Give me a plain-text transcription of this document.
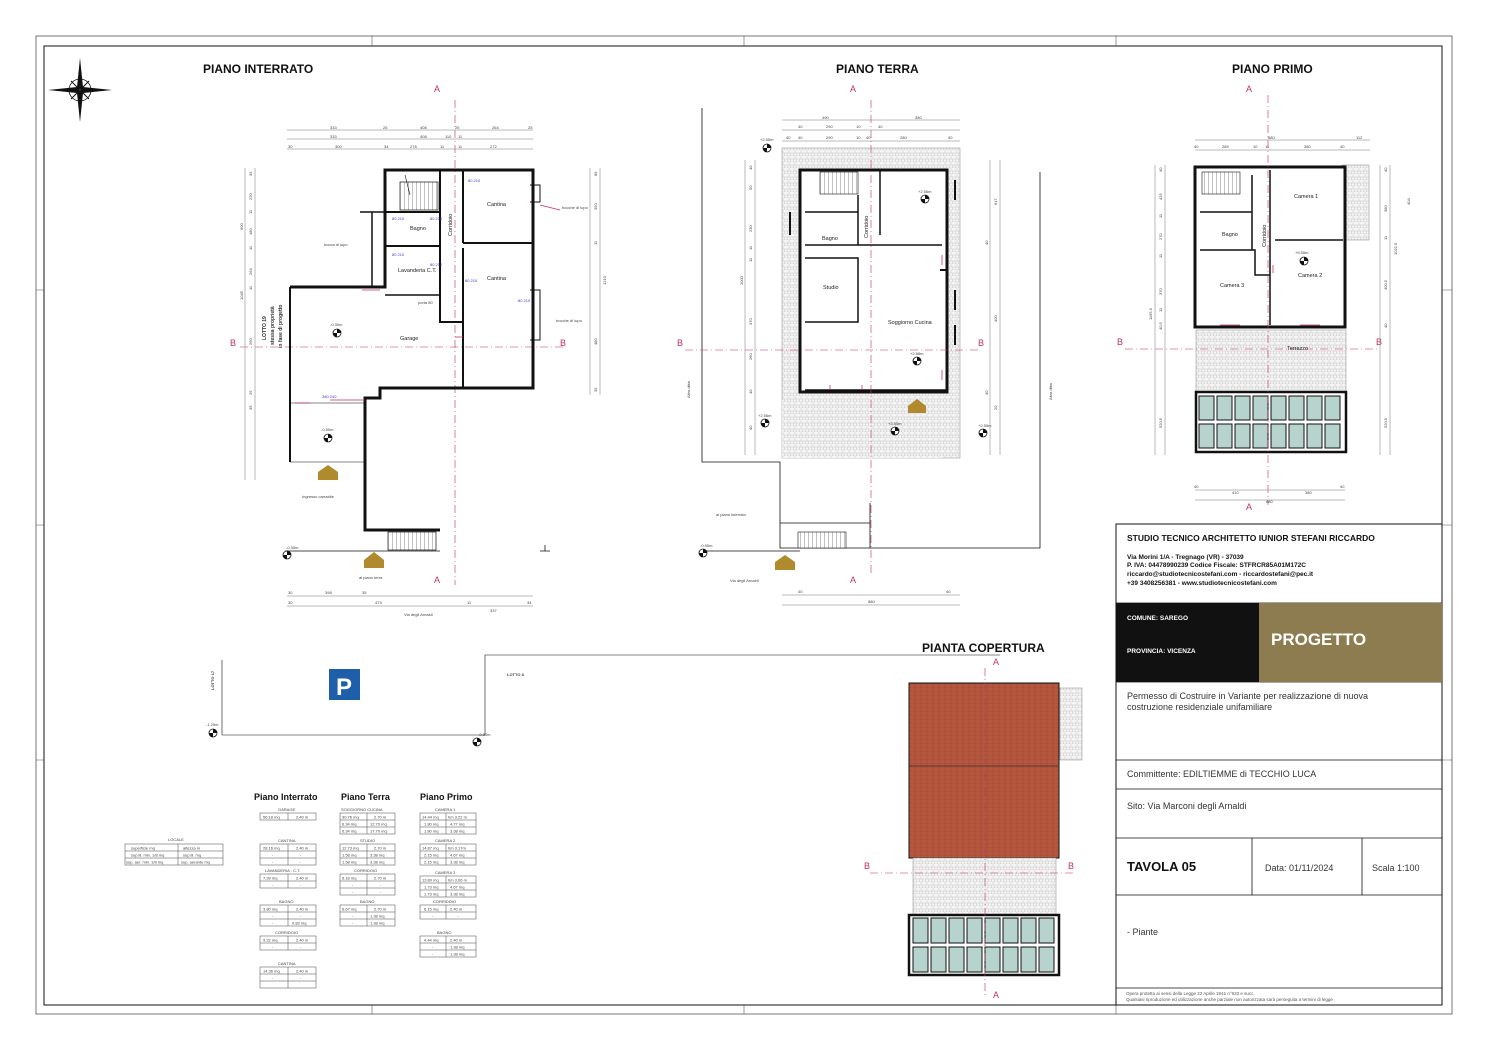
PIANO INTERRATO	PIANO TERRA	PIANO PRIMO
PIANTA COPERTURA
A
A
B	B
Cantina
Cantina
Bagno
Lavanderia C.T.
Garage
Corridoio
porta 80
bocche di lupo
bocca di lupo
bocche di lupo
LOTTO 19 stessa proprietà in fase di progetto
Ingresso carrabile
al piano terra
Via degli Arnaldi
-0.30m
-0.50m
-0.30m
333	25	408	25	264	25
333	408	110 11
30	300	34	278	11	11	272
30	398	35
473	11	34
30
337
35
220
11
180
11
264
11
600
25
1045
260
35
85
350
11
1210
480
35
80 210
80 210	80 210
80 210
80 210
380 240
80 210
80 210
A
A
B	B
Bagno
Studio
Soggiorno Cucina
Corridoio
Altra ditta	Altra ditta
al piano interrato
Via degli Arnaldi
+2.55m
+2.56m
+2.58m
+2.56m
+2.55m	+2.55m
-0.55m
40
490
10	40
40
290
10
380
40
40	290	280
40
40
880
40
40
50
230
11
1000
11
370
40
260
40
617
40
400
40
20
A
A
B	B
Camera 1
Camera 2
Camera 3
Bagno	Corridoio
Terrazzo
+5.55m
40
880	112
40
289	10 11	380
40
410	380
40
880
40
425
11
270
11
370
11
40.5
1165.5
520.5
40
380
404
11
1022.5
400.5
40
520.5
LOTTO 17	LOTTO 8
-1.20m
-0.80m
P
A
A
B	B
LOCALE
superficie mq	altezza m
sup.ill. min. 1/8 mq	sup.ill. mq
sup. aer. min. 1/8 mq	sup. aerante mq
Piano Interrato
GARAGE
56.18 mq	2.40 m
CANTINA
28.16 mq	2.40 m
-	-
-	-
LAVANDERIA - C.T.
7.39 mq	2.40 m
-	-
BAGNO
3.80 mq	2.40 m
-	-
-	0.83 mq
CORRIDOIO
9.22 mq	2.40 m
-	-
CANTINA
14.36 mq	2.40 m
-	-
Piano Terra
SOGGIORNO CUCINA
30.76 mq	2.70 m
6.34 mq	12.70 mq
6.34 mq	17.70 mq
STUDIO
12.73 mq	2.70 m
1.58 mq	3.38 mq
1.58 mq	3.38 mq
CORRIDOIO
5.18 mq	2.70 m
-	-
-	-
BAGNO
6.67 mq	2.70 m
-	1.38 mq
-	1.38 mq
Piano Primo
CAMERA 1
14.44 mq hm 3.22 m
1.80 mq	4.77 mq
1.80 mq	3.38 mq
CAMERA 2
14.87 mq hm 3.17m
2.15 mq	4.67 mq
2.15 mq	3.38 mq
CAMERA 3
13.80 mq hm 3.06 m
1.73 mq	4.67 mq
1.73 mq	3.38 mq
CORRIDOIO
6.15 mq	2.40 m
-	-
BAGNO
4.44 mq	2.40 m
-	1.38 mq
-	1.38 mq
STUDIO TECNICO ARCHITETTO IUNIOR STEFANI RICCARDO
Via Morini 1/A - Tregnago (VR) - 37039
P. IVA: 04478990239 Codice Fiscale: STFRCR85A01M172C
riccardo@studiotecnicostefani.com - riccardostefani@pec.it
+39 3408256381 - www.studiotecnicostefani.com
COMUNE: SAREGO
PROVINCIA: VICENZA
PROGETTO
Permesso di Costruire in Variante per realizzazione di nuova
costruzione residenziale unifamiliare
Committente: EDILTIEMME di TECCHIO LUCA
Sito: Via Marconi degli Arnaldi
TAVOLA 05	Data: 01/11/2024	Scala 1:100
- Piante
Opera protetta ai sensi della Legge 22 Aprile 1941 n°633 e succ.
Qualsiasi riproduzione ed utilizzazione anche parziale non autorizzata sarà perseguita a termini di legge
